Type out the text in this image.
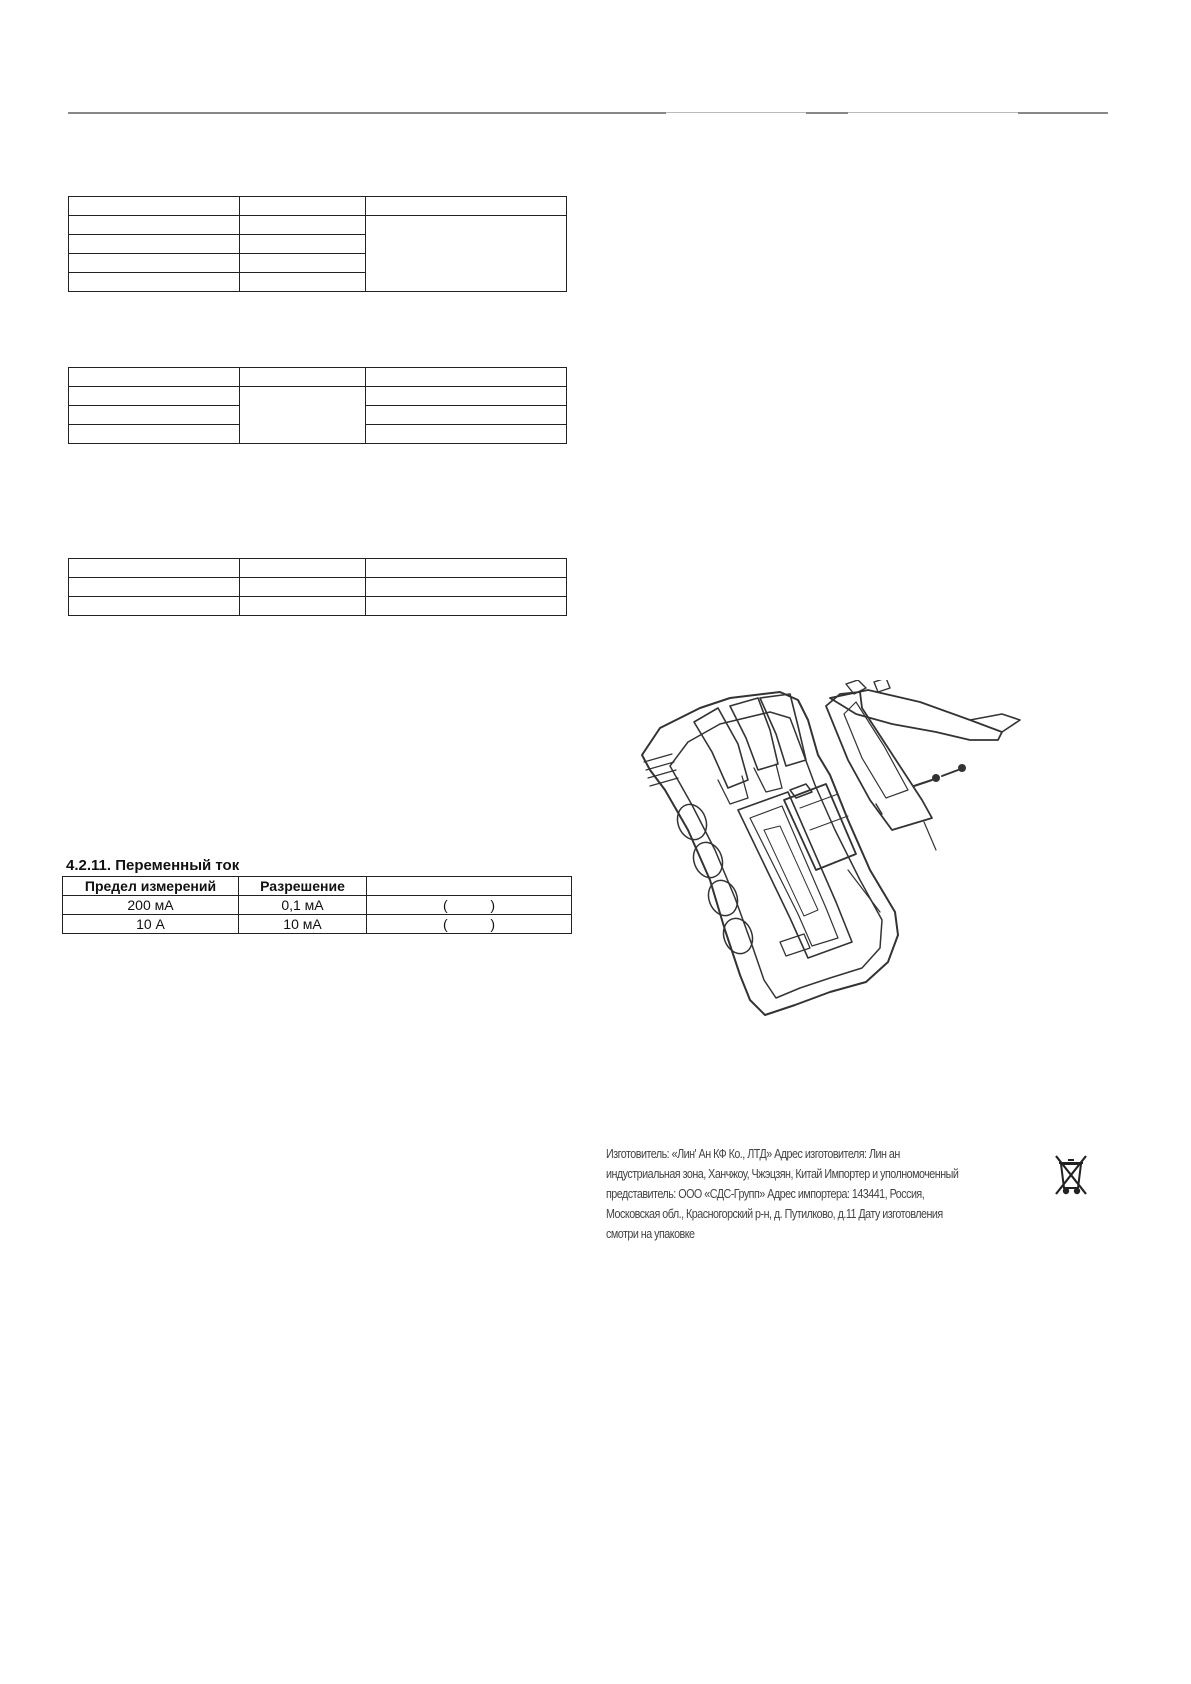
4.2.11. Переменный ток
Предел измерений	Разрешение	
200 мА	0,1 мА	(           )
10 А	10 мА	(           )
Изготовитель: «Лин' Ан КФ Ко., ЛТД» Адрес изготовителя: Лин ан индустриальная зона, Ханчжоу, Чжэцзян, Китай Импортер и уполномоченный представитель: ООО «СДС-Групп» Адрес импортера: 143441, Россия, Московская обл., Красногорский р-н, д. Путилково, д.11 Дату изготовления смотри на упаковке
